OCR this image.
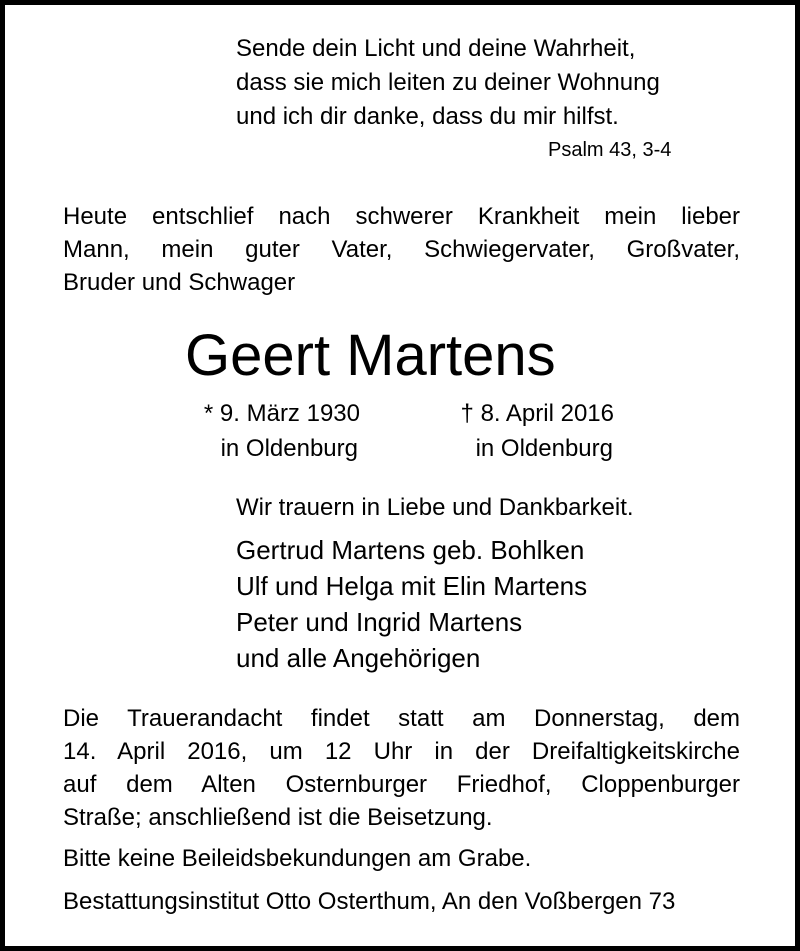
Sende dein Licht und deine Wahrheit,
dass sie mich leiten zu deiner Wohnung
und ich dir danke, dass du mir hilfst.
Psalm 43, 3-4
Heute entschlief nach schwerer Krankheit mein lieber
Mann, mein guter Vater, Schwiegervater, Großvater,
Bruder und Schwager
Geert Martens
* 9. März 1930
in Oldenburg
† 8. April 2016
in Oldenburg
Wir trauern in Liebe und Dankbarkeit.
Gertrud Martens geb. Bohlken
Ulf und Helga mit Elin Martens
Peter und Ingrid Martens
und alle Angehörigen
Die Trauerandacht findet statt am Donnerstag, dem
14. April 2016, um 12 Uhr in der Dreifaltigkeitskirche
auf dem Alten Osternburger Friedhof, Cloppenburger
Straße; anschließend ist die Beisetzung.
Bitte keine Beileidsbekundungen am Grabe.
Bestattungsinstitut Otto Osterthum, An den Voßbergen 73
